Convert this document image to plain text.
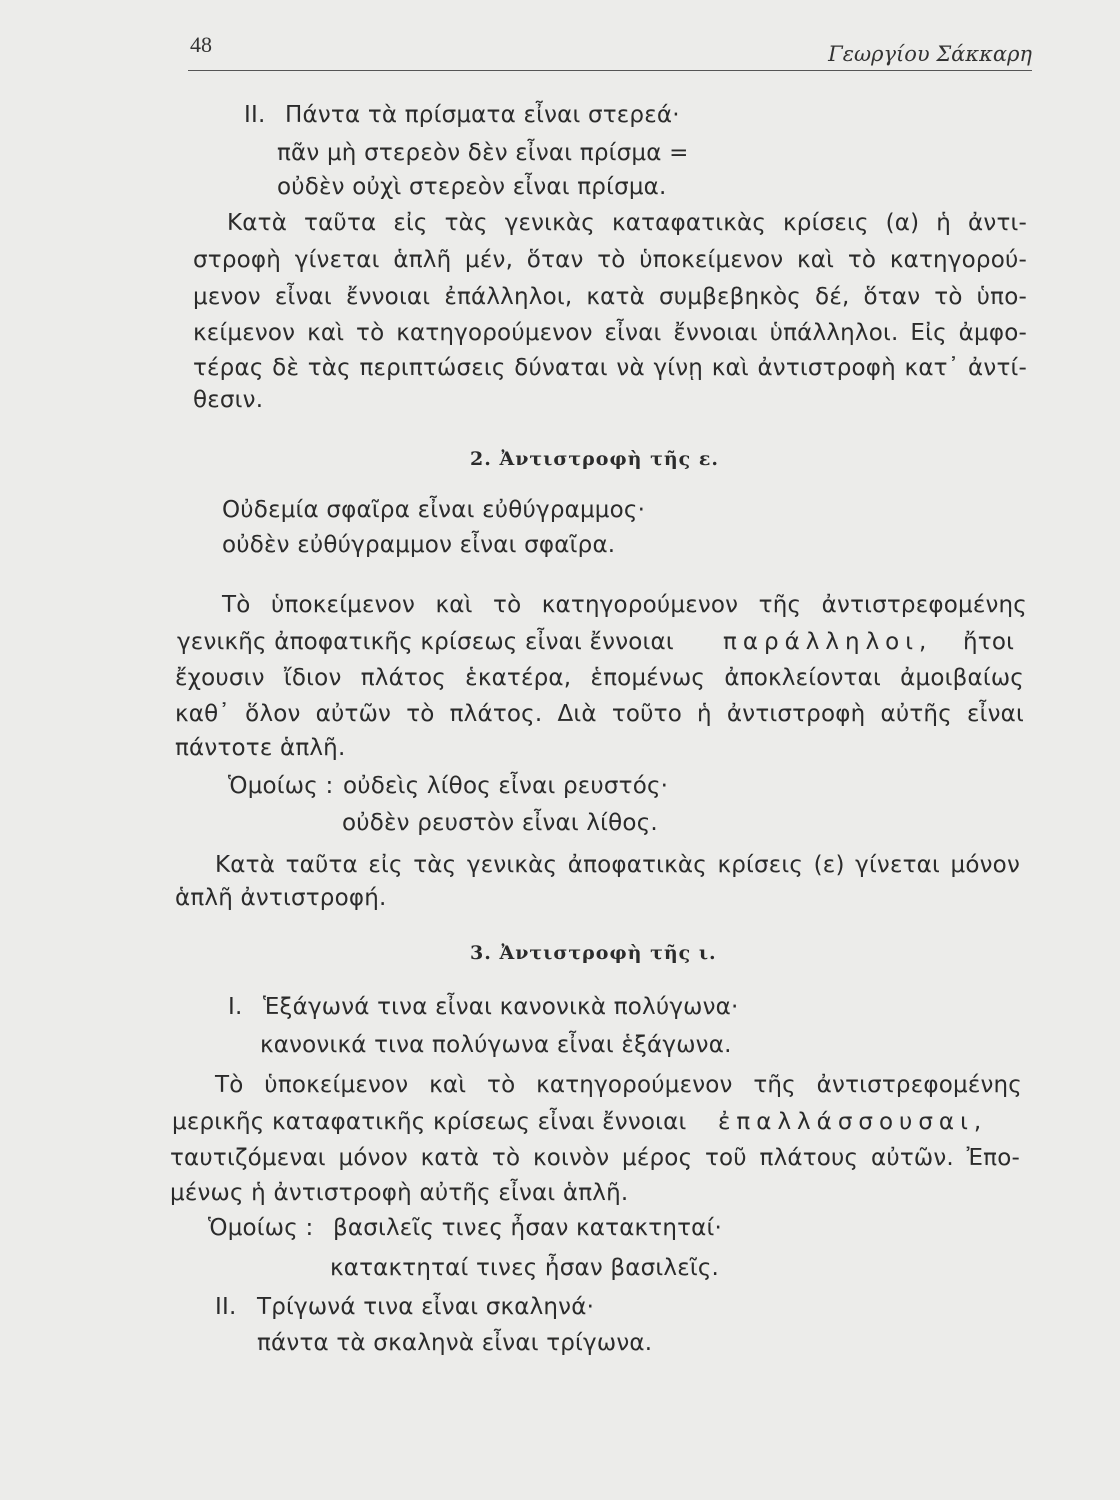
48	Γεωργίου Σάκκαρη
II. Πάντα τὰ πρίσματα εἶναι στερεά·
πᾶν μὴ στερεὸν δὲν εἶναι πρίσμα =
οὐδὲν οὐχὶ στερεὸν εἶναι πρίσμα.
Κατὰ ταῦτα εἰς τὰς γενικὰς καταφατικὰς κρίσεις (α) ἡ ἀντι-
στροφὴ γίνεται ἁπλῆ μέν, ὅταν τὸ ὑποκείμενον καὶ τὸ κατηγορού-
μενον εἶναι ἔννοιαι ἐπάλληλοι, κατὰ συμβεβηκὸς δέ, ὅταν τὸ ὑπο-
κείμενον καὶ τὸ κατηγορούμενον εἶναι ἔννοιαι ὑπάλληλοι. Εἰς ἀμφο-
τέρας δὲ τὰς περιπτώσεις δύναται νὰ γίνῃ καὶ ἀντιστροφὴ κατ᾽ ἀντί-
θεσιν.
2. Ἀντιστροφὴ τῆς ε.
Οὐδεμία σφαῖρα εἶναι εὐθύγραμμος·
οὐδὲν εὐθύγραμμον εἶναι σφαῖρα.
Τὸ ὑποκείμενον καὶ τὸ κατηγορούμενον τῆς ἀντιστρεφομένης
γενικῆς ἀποφατικῆς κρίσεως εἶναι ἔννοιαι παράλληλοι, ἤτοι
ἔχουσιν ἴδιον πλάτος ἑκατέρα, ἑπομένως ἀποκλείονται ἀμοιβαίως
καθ᾽ ὅλον αὐτῶν τὸ πλάτος. Διὰ τοῦτο ἡ ἀντιστροφὴ αὐτῆς εἶναι
πάντοτε ἁπλῆ.
Ὁμοίως : οὐδεὶς λίθος εἶναι ρευστός·
οὐδὲν ρευστὸν εἶναι λίθος.
Κατὰ ταῦτα εἰς τὰς γενικὰς ἀποφατικὰς κρίσεις (ε) γίνεται μόνον
ἁπλῆ ἀντιστροφή.
3. Ἀντιστροφὴ τῆς ι.
I. Ἑξάγωνά τινα εἶναι κανονικὰ πολύγωνα·
κανονικά τινα πολύγωνα εἶναι ἑξάγωνα.
Τὸ ὑποκείμενον καὶ τὸ κατηγορούμενον τῆς ἀντιστρεφομένης
μερικῆς καταφατικῆς κρίσεως εἶναι ἔννοιαι ἐπαλλάσσουσαι,
ταυτιζόμεναι μόνον κατὰ τὸ κοινὸν μέρος τοῦ πλάτους αὐτῶν. Ἐπο-
μένως ἡ ἀντιστροφὴ αὐτῆς εἶναι ἁπλῆ.
Ὁμοίως : βασιλεῖς τινες ἦσαν κατακτηταί·
κατακτηταί τινες ἦσαν βασιλεῖς.
II. Τρίγωνά τινα εἶναι σκαληνά·
πάντα τὰ σκαληνὰ εἶναι τρίγωνα.
